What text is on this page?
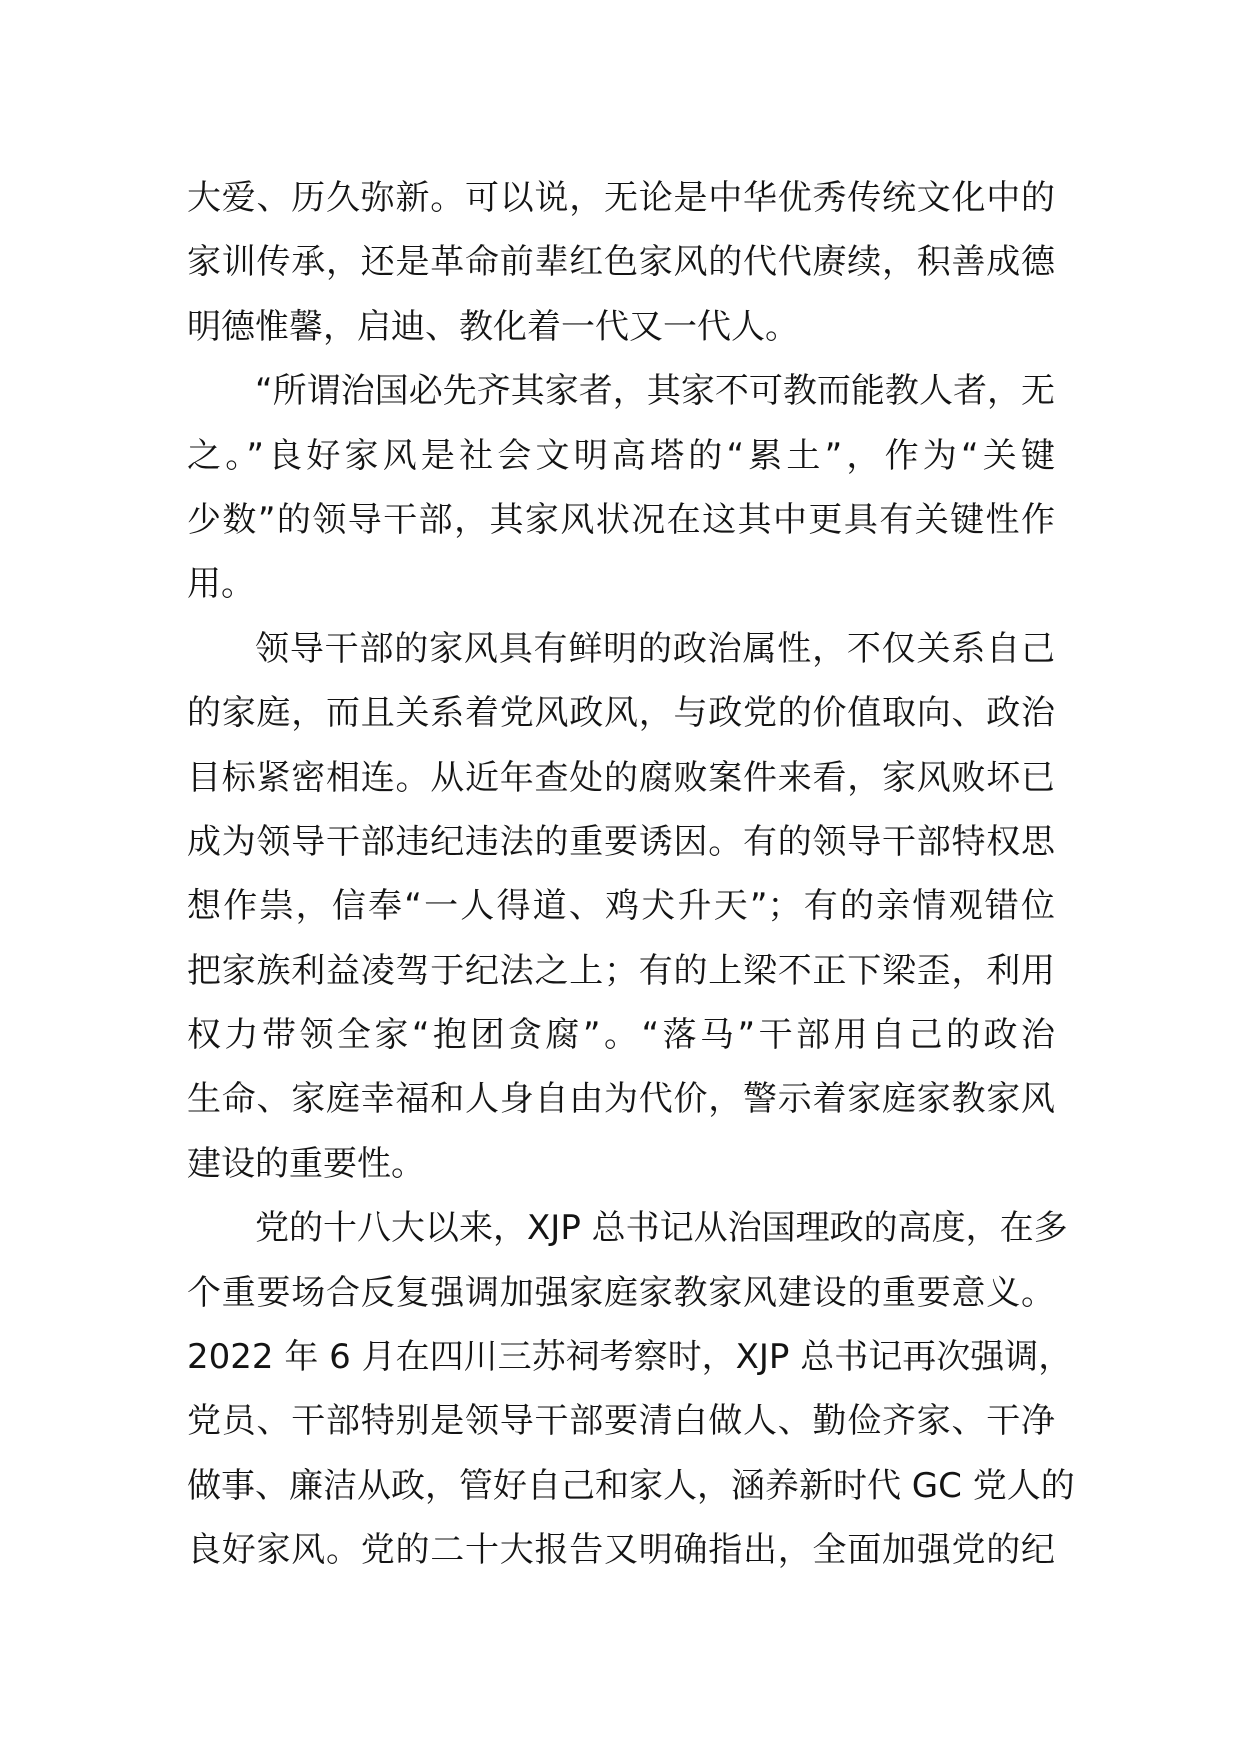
大爱、历久弥新。可以说，无论是中华优秀传统文化中的
家训传承，还是革命前辈红色家风的代代赓续，积善成德
明德惟馨，启迪、教化着一代又一代人。
“所谓治国必先齐其家者，其家不可教而能教人者，无
之。”良好家风是社会文明高塔的“累土”，作为“关键
少数”的领导干部，其家风状况在这其中更具有关键性作
用。
领导干部的家风具有鲜明的政治属性，不仅关系自己
的家庭，而且关系着党风政风，与政党的价值取向、政治
目标紧密相连。从近年查处的腐败案件来看，家风败坏已
成为领导干部违纪违法的重要诱因。有的领导干部特权思
想作祟，信奉“一人得道、鸡犬升天”；有的亲情观错位
把家族利益凌驾于纪法之上；有的上梁不正下梁歪，利用
权力带领全家“抱团贪腐”。“落马”干部用自己的政治
生命、家庭幸福和人身自由为代价，警示着家庭家教家风
建设的重要性。
党的十八大以来，XJP 总书记从治国理政的高度，在多
个重要场合反复强调加强家庭家教家风建设的重要意义。
2022 年 6 月在四川三苏祠考察时，XJP 总书记再次强调，
党员、干部特别是领导干部要清白做人、勤俭齐家、干净
做事、廉洁从政，管好自己和家人，涵养新时代 GC 党人的
良好家风。党的二十大报告又明确指出，全面加强党的纪
